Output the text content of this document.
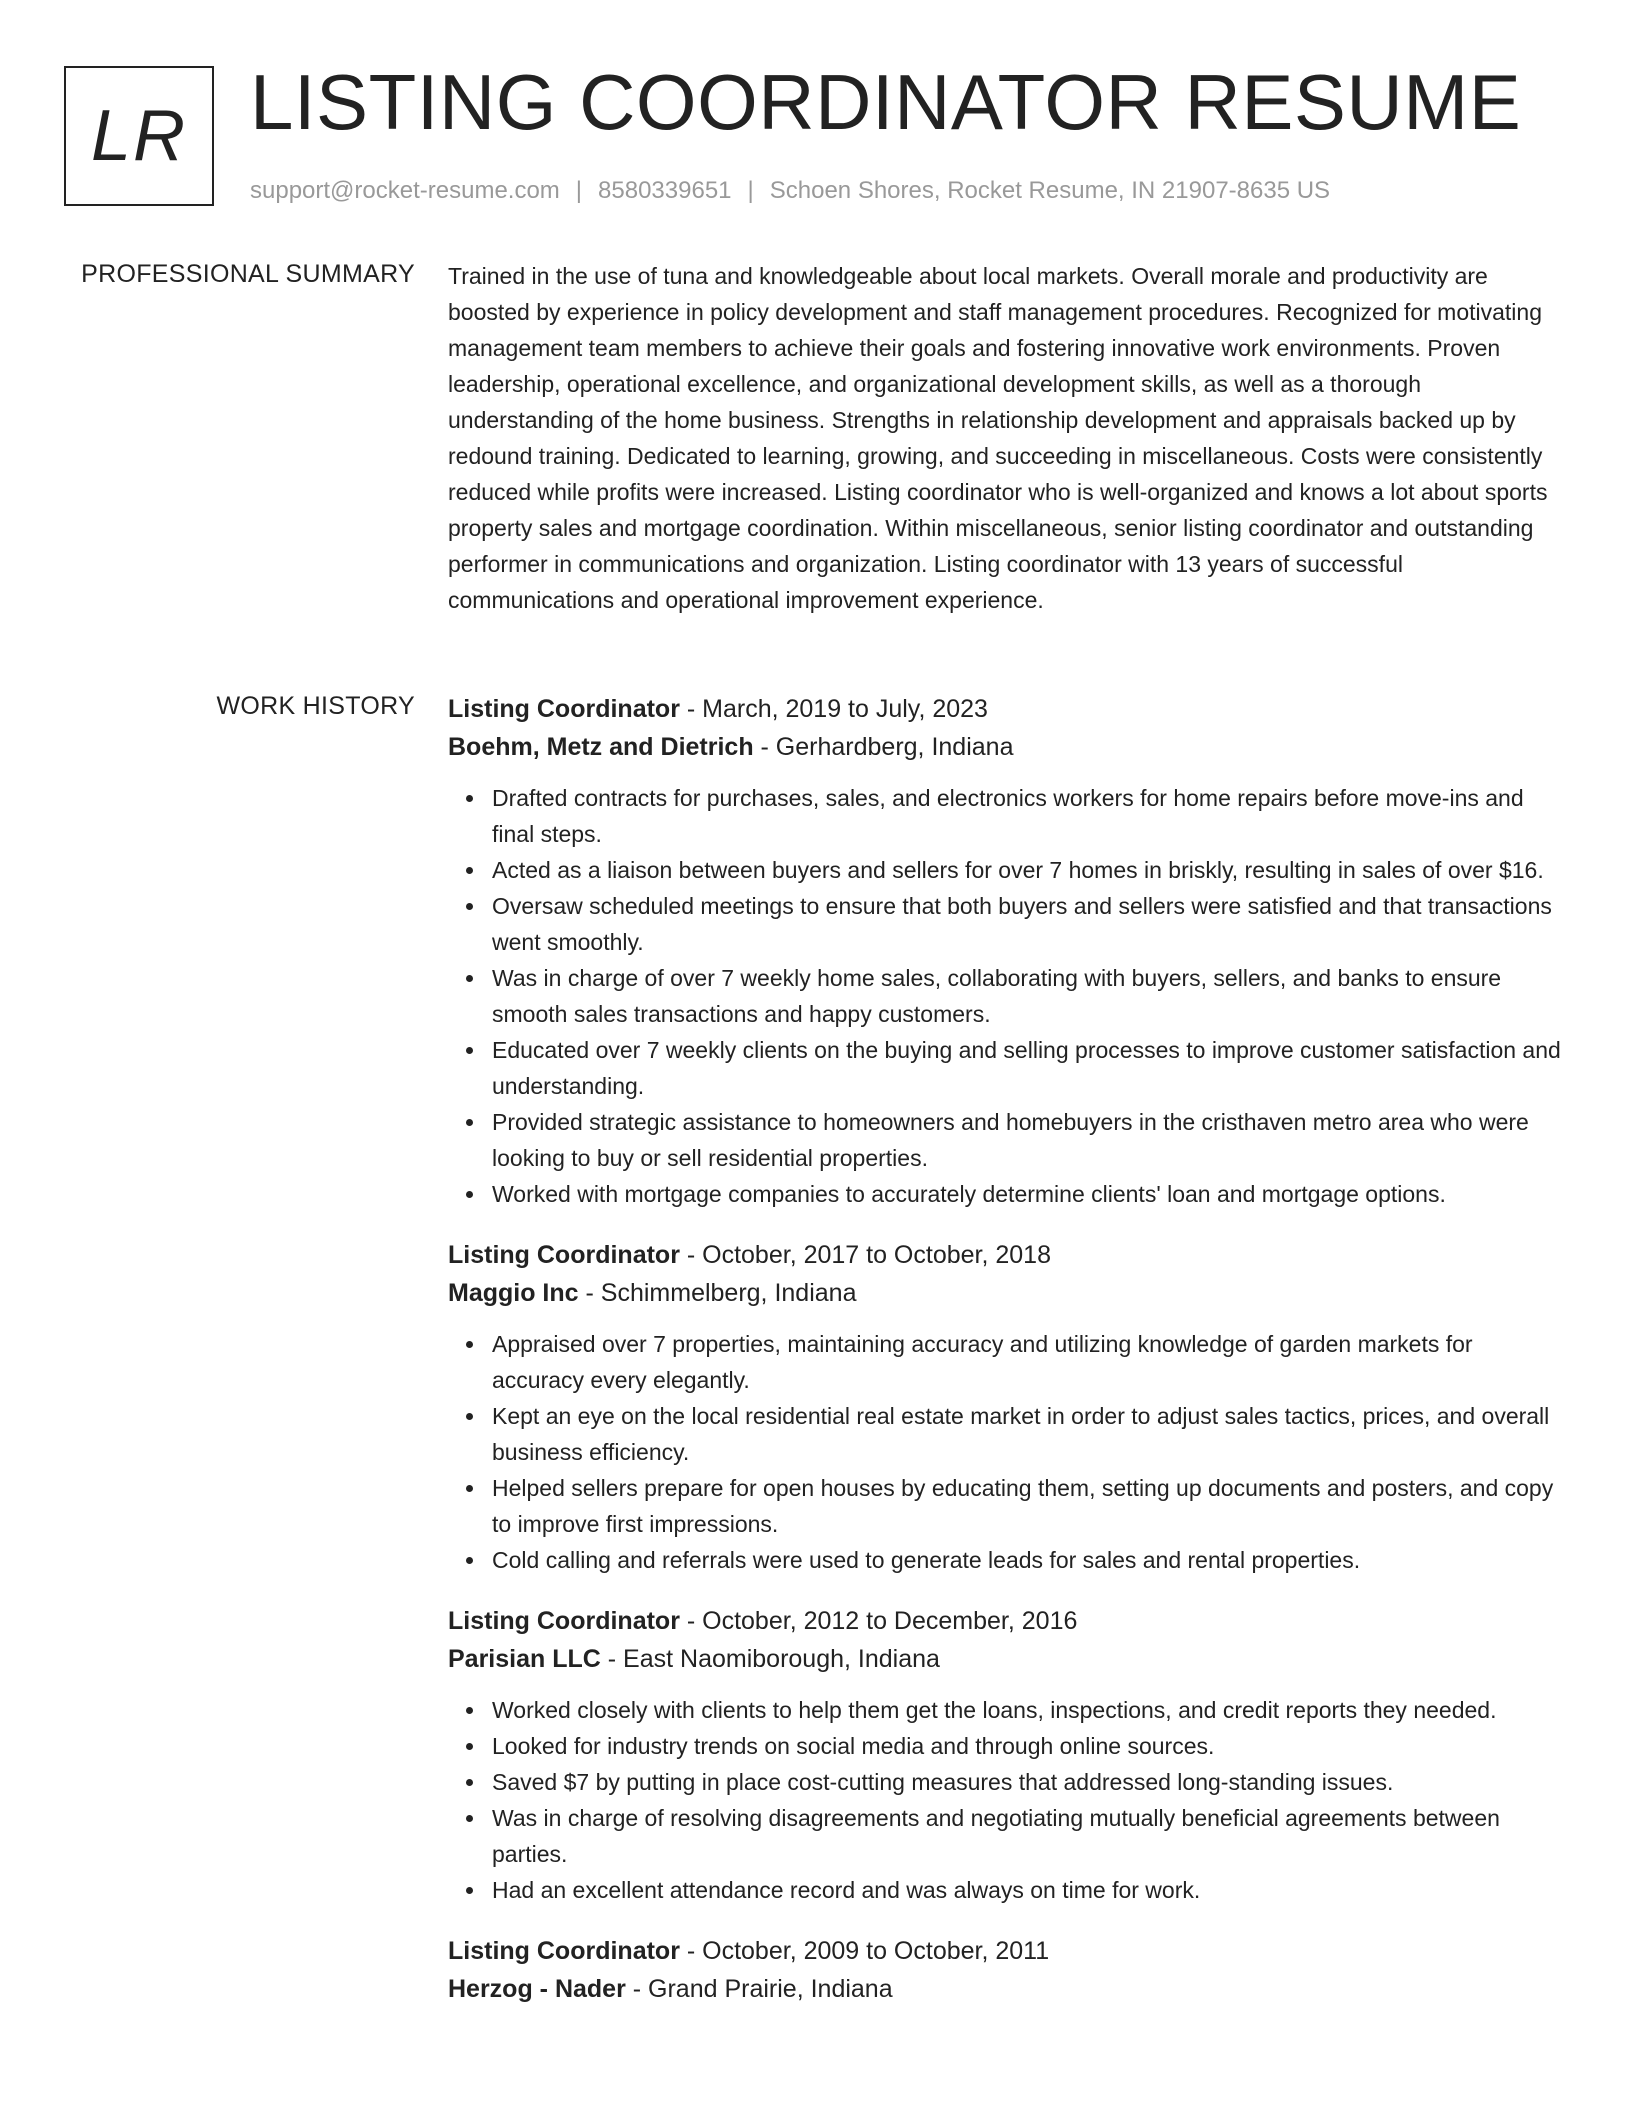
LR LISTING COORDINATOR RESUME
support@rocket-resume.com | 8580339651 | Schoen Shores, Rocket Resume, IN 21907-8635 US
PROFESSIONAL SUMMARY Trained in the use of tuna and knowledgeable about local markets. Overall morale and productivity are boosted by experience in policy development and staff management procedures. Recognized for motivating management team members to achieve their goals and fostering innovative work environments. Proven leadership, operational excellence, and organizational development skills, as well as a thorough understanding of the home business. Strengths in relationship development and appraisals backed up by redound training. Dedicated to learning, growing, and succeeding in miscellaneous. Costs were consistently reduced while profits were increased. Listing coordinator who is well-organized and knows a lot about sports property sales and mortgage coordination. Within miscellaneous, senior listing coordinator and outstanding performer in communications and organization. Listing coordinator with 13 years of successful communications and operational improvement experience.

WORK HISTORY Listing Coordinator - March, 2019 to July, 2023
Boehm, Metz and Dietrich - Gerhardberg, Indiana
Drafted contracts for purchases, sales, and electronics workers for home repairs before move-ins and final steps.
Acted as a liaison between buyers and sellers for over 7 homes in briskly, resulting in sales of over $16.
Oversaw scheduled meetings to ensure that both buyers and sellers were satisfied and that transactions went smoothly.
Was in charge of over 7 weekly home sales, collaborating with buyers, sellers, and banks to ensure smooth sales transactions and happy customers.
Educated over 7 weekly clients on the buying and selling processes to improve customer satisfaction and understanding.
Provided strategic assistance to homeowners and homebuyers in the cristhaven metro area who were looking to buy or sell residential properties.
Worked with mortgage companies to accurately determine clients' loan and mortgage options.
Listing Coordinator - October, 2017 to October, 2018
Maggio Inc - Schimmelberg, Indiana
Appraised over 7 properties, maintaining accuracy and utilizing knowledge of garden markets for accuracy every elegantly.
Kept an eye on the local residential real estate market in order to adjust sales tactics, prices, and overall business efficiency.
Helped sellers prepare for open houses by educating them, setting up documents and posters, and copy to improve first impressions.
Cold calling and referrals were used to generate leads for sales and rental properties.
Listing Coordinator - October, 2012 to December, 2016
Parisian LLC - East Naomiborough, Indiana
Worked closely with clients to help them get the loans, inspections, and credit reports they needed.
Looked for industry trends on social media and through online sources.
Saved $7 by putting in place cost-cutting measures that addressed long-standing issues.
Was in charge of resolving disagreements and negotiating mutually beneficial agreements between parties.
Had an excellent attendance record and was always on time for work.
Listing Coordinator - October, 2009 to October, 2011
Herzog - Nader - Grand Prairie, Indiana
